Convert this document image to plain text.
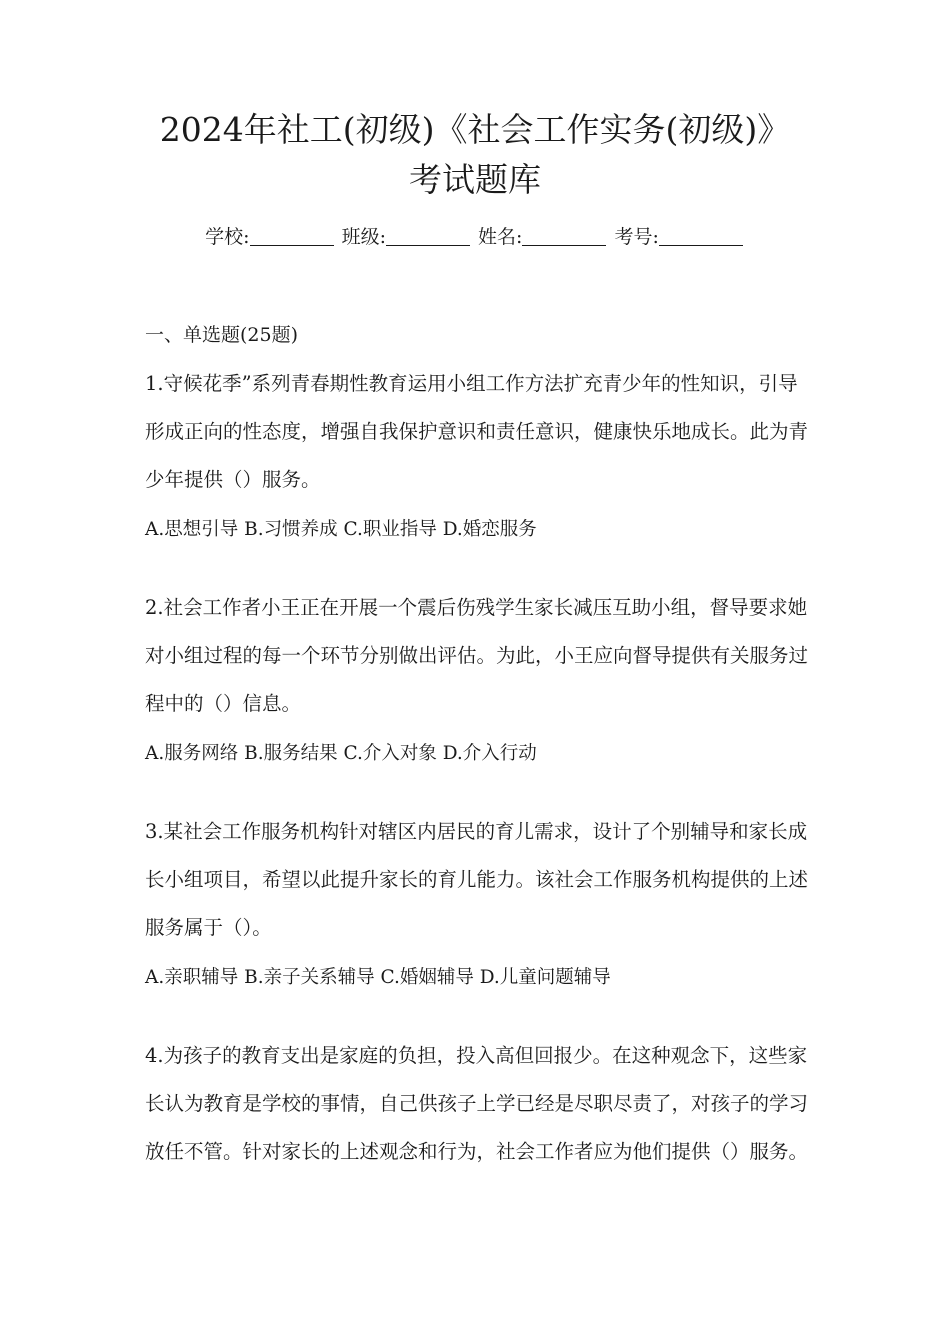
2024年社工(初级)《社会工作实务(初级)》
考试题库
学校:	班级:	姓名:	考号:
一、单选题(25题)

1.守候花季”系列青春期性教育运用小组工作方法扩充青少年的性知识，引导形成正向的性态度，增强自我保护意识和责任意识，健康快乐地成长。此为青少年提供（）服务。

A.思想引导 B.习惯养成 C.职业指导 D.婚恋服务

2.社会工作者小王正在开展一个震后伤残学生家长减压互助小组，督导要求她对小组过程的每一个环节分别做出评估。为此，小王应向督导提供有关服务过程中的（）信息。

A.服务网络 B.服务结果 C.介入对象 D.介入行动

3.某社会工作服务机构针对辖区内居民的育儿需求，设计了个别辅导和家长成长小组项目，希望以此提升家长的育儿能力。该社会工作服务机构提供的上述服务属于（）。

A.亲职辅导 B.亲子关系辅导 C.婚姻辅导 D.儿童问题辅导

4.为孩子的教育支出是家庭的负担，投入高但回报少。在这种观念下，这些家长认为教育是学校的事情，自己供孩子上学已经是尽职尽责了，对孩子的学习放任不管。针对家长的上述观念和行为，社会工作者应为他们提供（）服务。
